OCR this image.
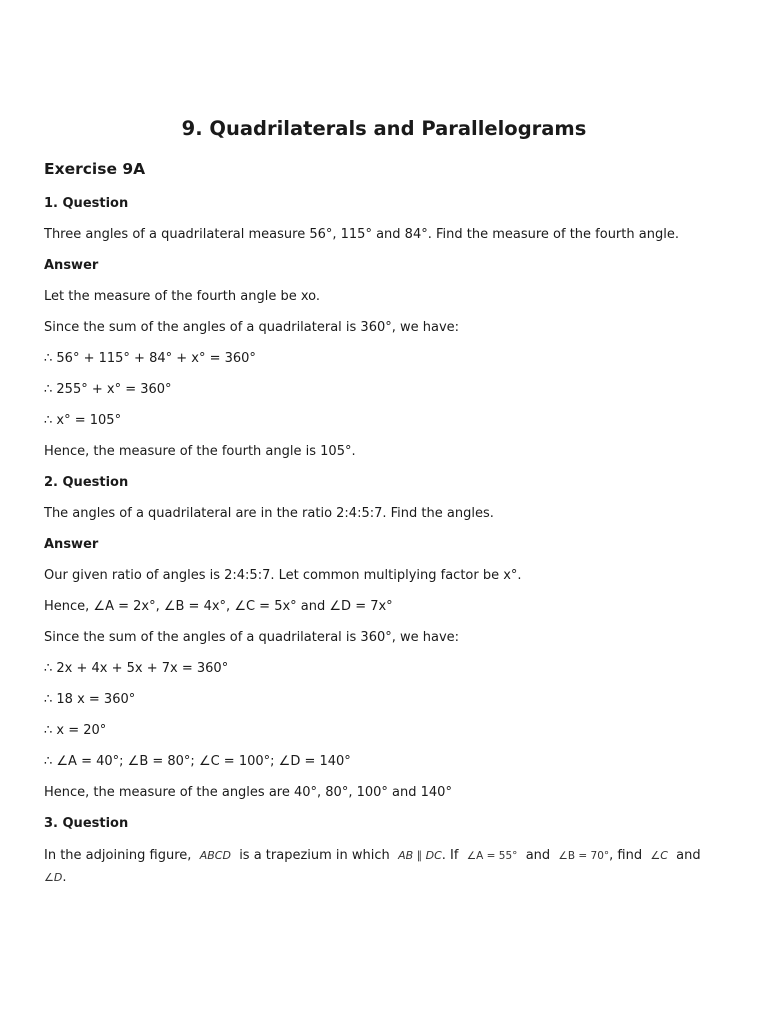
9. Quadrilaterals and Parallelograms
Exercise 9A
1. Question
Three angles of a quadrilateral measure 56°, 115° and 84°. Find the measure of the fourth angle.
Answer
Let the measure of the fourth angle be xo.
Since the sum of the angles of a quadrilateral is 360°, we have:
∴ 56° + 115° + 84° + x° = 360°
∴ 255° + x° = 360°
∴ x° = 105°
Hence, the measure of the fourth angle is 105°.
2. Question
The angles of a quadrilateral are in the ratio 2:4:5:7. Find the angles.
Answer
Our given ratio of angles is 2:4:5:7. Let common multiplying factor be x°.
Hence, ∠A = 2x°, ∠B = 4x°, ∠C = 5x° and ∠D = 7x°
Since the sum of the angles of a quadrilateral is 360°, we have:
∴ 2x + 4x + 5x + 7x = 360°
∴ 18 x = 360°
∴ x = 20°
∴ ∠A = 40°; ∠B = 80°; ∠C = 100°; ∠D = 140°
Hence, the measure of the angles are 40°, 80°, 100° and 140°
3. Question
In the adjoining figure, ABCD is a trapezium in which AB ∥ DC. If ∠A = 55° and ∠B = 70°, find ∠C and ∠D.
